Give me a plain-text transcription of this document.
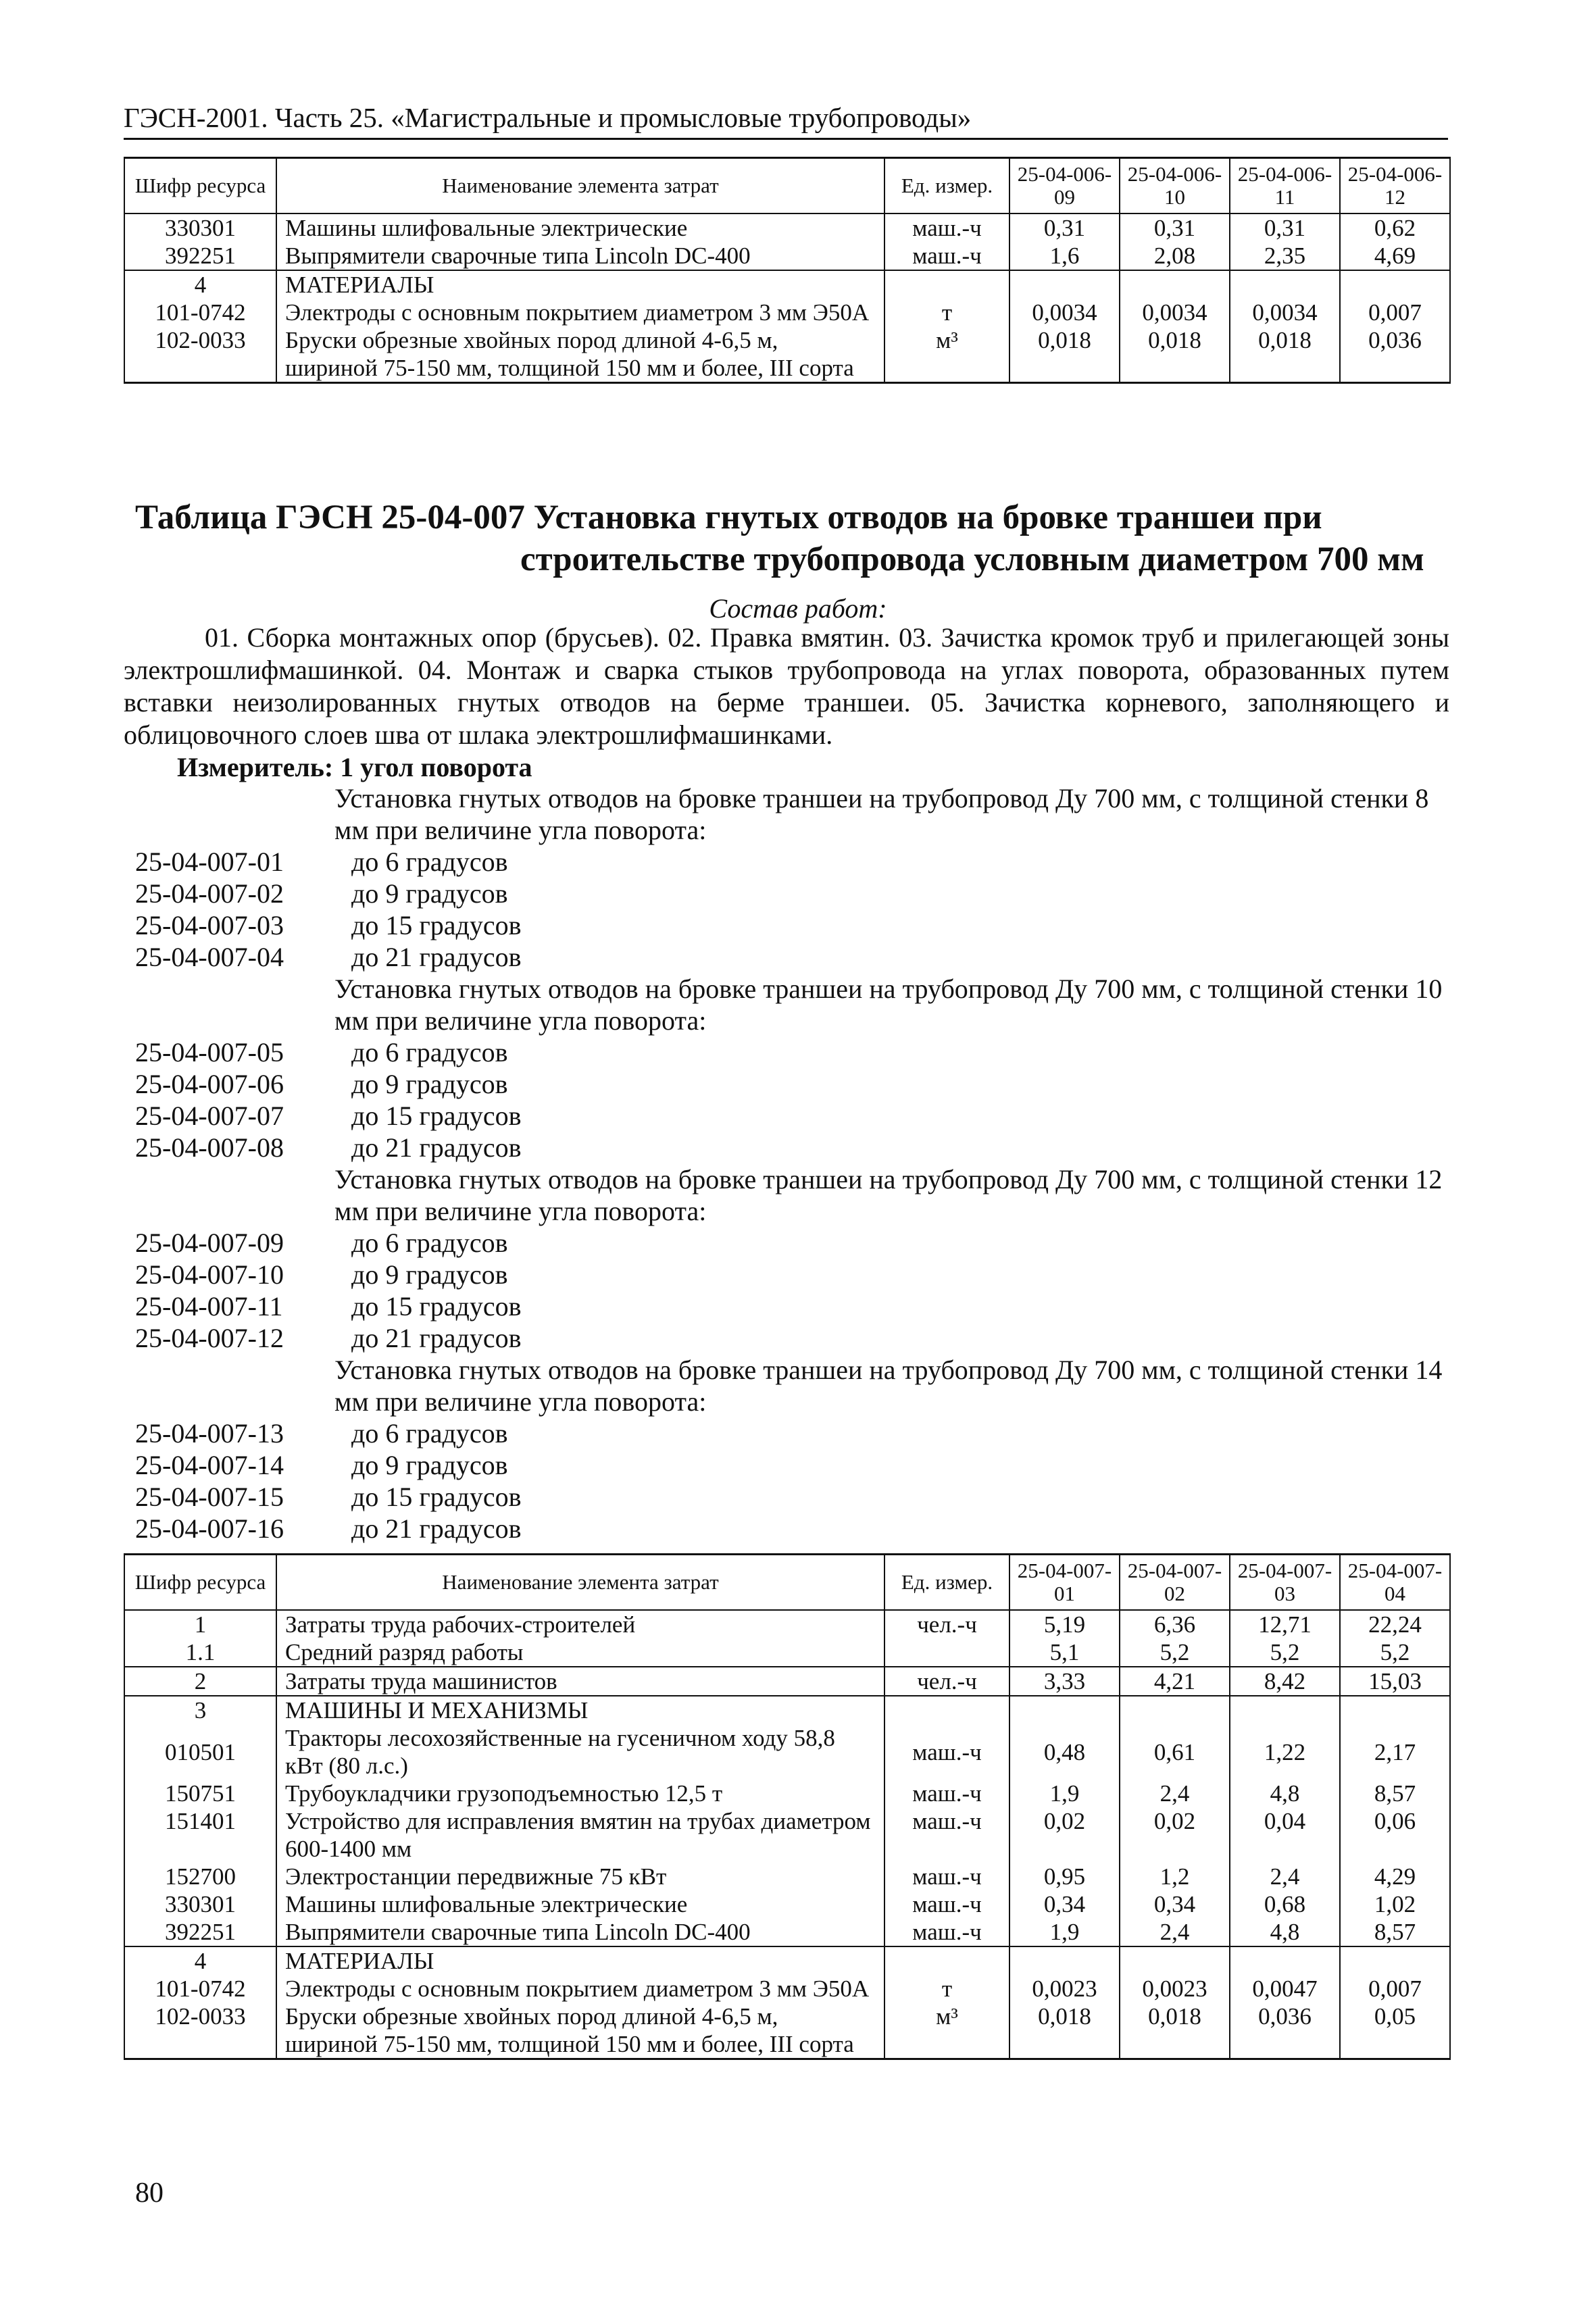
ГЭСН-2001. Часть 25. «Магистральные и промысловые трубопроводы»
Шифр ресурса	Наименование элемента затрат	Ед. измер.	25-04-006-09	25-04-006-10	25-04-006-11	25-04-006-12
330301	Машины шлифовальные электрические	маш.-ч	0,31	0,31	0,31	0,62
392251	Выпрямители сварочные типа Lincoln DC-400	маш.-ч	1,6	2,08	2,35	4,69
4	МАТЕРИАЛЫ					
101-0742	Электроды с основным покрытием диаметром 3 мм Э50А	т	0,0034	0,0034	0,0034	0,007
102-0033	Бруски обрезные хвойных пород длиной 4-6,5 м, шириной 75-150 мм, толщиной 150 мм и более, III сорта	м³	0,018	0,018	0,018	0,036
Таблица ГЭСН 25-04-007 Установка гнутых отводов на бровке траншеи при
строительстве трубопровода условным диаметром 700 мм
Состав работ:
01. Сборка монтажных опор (брусьев). 02. Правка вмятин. 03. Зачистка кромок труб и прилегающей зоны электрошлифмашинкой. 04. Монтаж и сварка стыков трубопровода на углах поворота, образованных путем вставки неизолированных гнутых отводов на берме траншеи. 05. Зачистка корневого, заполняющего и облицовочного слоев шва от шлака электрошлифмашинками.
Измеритель: 1 угол поворота
Установка гнутых отводов на бровке траншеи на трубопровод Ду 700 мм, с толщиной стенки 8 мм при величине угла поворота:
25-04-007-01	до 6 градусов
25-04-007-02	до 9 градусов
25-04-007-03	до 15 градусов
25-04-007-04	до 21 градусов
Установка гнутых отводов на бровке траншеи на трубопровод Ду 700 мм, с толщиной стенки 10 мм при величине угла поворота:
25-04-007-05	до 6 градусов
25-04-007-06	до 9 градусов
25-04-007-07	до 15 градусов
25-04-007-08	до 21 градусов
Установка гнутых отводов на бровке траншеи на трубопровод Ду 700 мм, с толщиной стенки 12 мм при величине угла поворота:
25-04-007-09	до 6 градусов
25-04-007-10	до 9 градусов
25-04-007-11	до 15 градусов
25-04-007-12	до 21 градусов
Установка гнутых отводов на бровке траншеи на трубопровод Ду 700 мм, с толщиной стенки 14 мм при величине угла поворота:
25-04-007-13	до 6 градусов
25-04-007-14	до 9 градусов
25-04-007-15	до 15 градусов
25-04-007-16	до 21 градусов
Шифр ресурса	Наименование элемента затрат	Ед. измер.	25-04-007-01	25-04-007-02	25-04-007-03	25-04-007-04
1	Затраты труда рабочих-строителей	чел.-ч	5,19	6,36	12,71	22,24
1.1	Средний разряд работы		5,1	5,2	5,2	5,2
2	Затраты труда машинистов	чел.-ч	3,33	4,21	8,42	15,03
3	МАШИНЫ И МЕХАНИЗМЫ					
010501	Тракторы лесохозяйственные на гусеничном ходу 58,8 кВт (80 л.с.)	маш.-ч	0,48	0,61	1,22	2,17
150751	Трубоукладчики грузоподъемностью 12,5 т	маш.-ч	1,9	2,4	4,8	8,57
151401	Устройство для исправления вмятин на трубах диаметром 600-1400 мм	маш.-ч	0,02	0,02	0,04	0,06
152700	Электростанции передвижные 75 кВт	маш.-ч	0,95	1,2	2,4	4,29
330301	Машины шлифовальные электрические	маш.-ч	0,34	0,34	0,68	1,02
392251	Выпрямители сварочные типа Lincoln DC-400	маш.-ч	1,9	2,4	4,8	8,57
4	МАТЕРИАЛЫ					
101-0742	Электроды с основным покрытием диаметром 3 мм Э50А	т	0,0023	0,0023	0,0047	0,007
102-0033	Бруски обрезные хвойных пород длиной 4-6,5 м, шириной 75-150 мм, толщиной 150 мм и более, III сорта	м³	0,018	0,018	0,036	0,05
80
